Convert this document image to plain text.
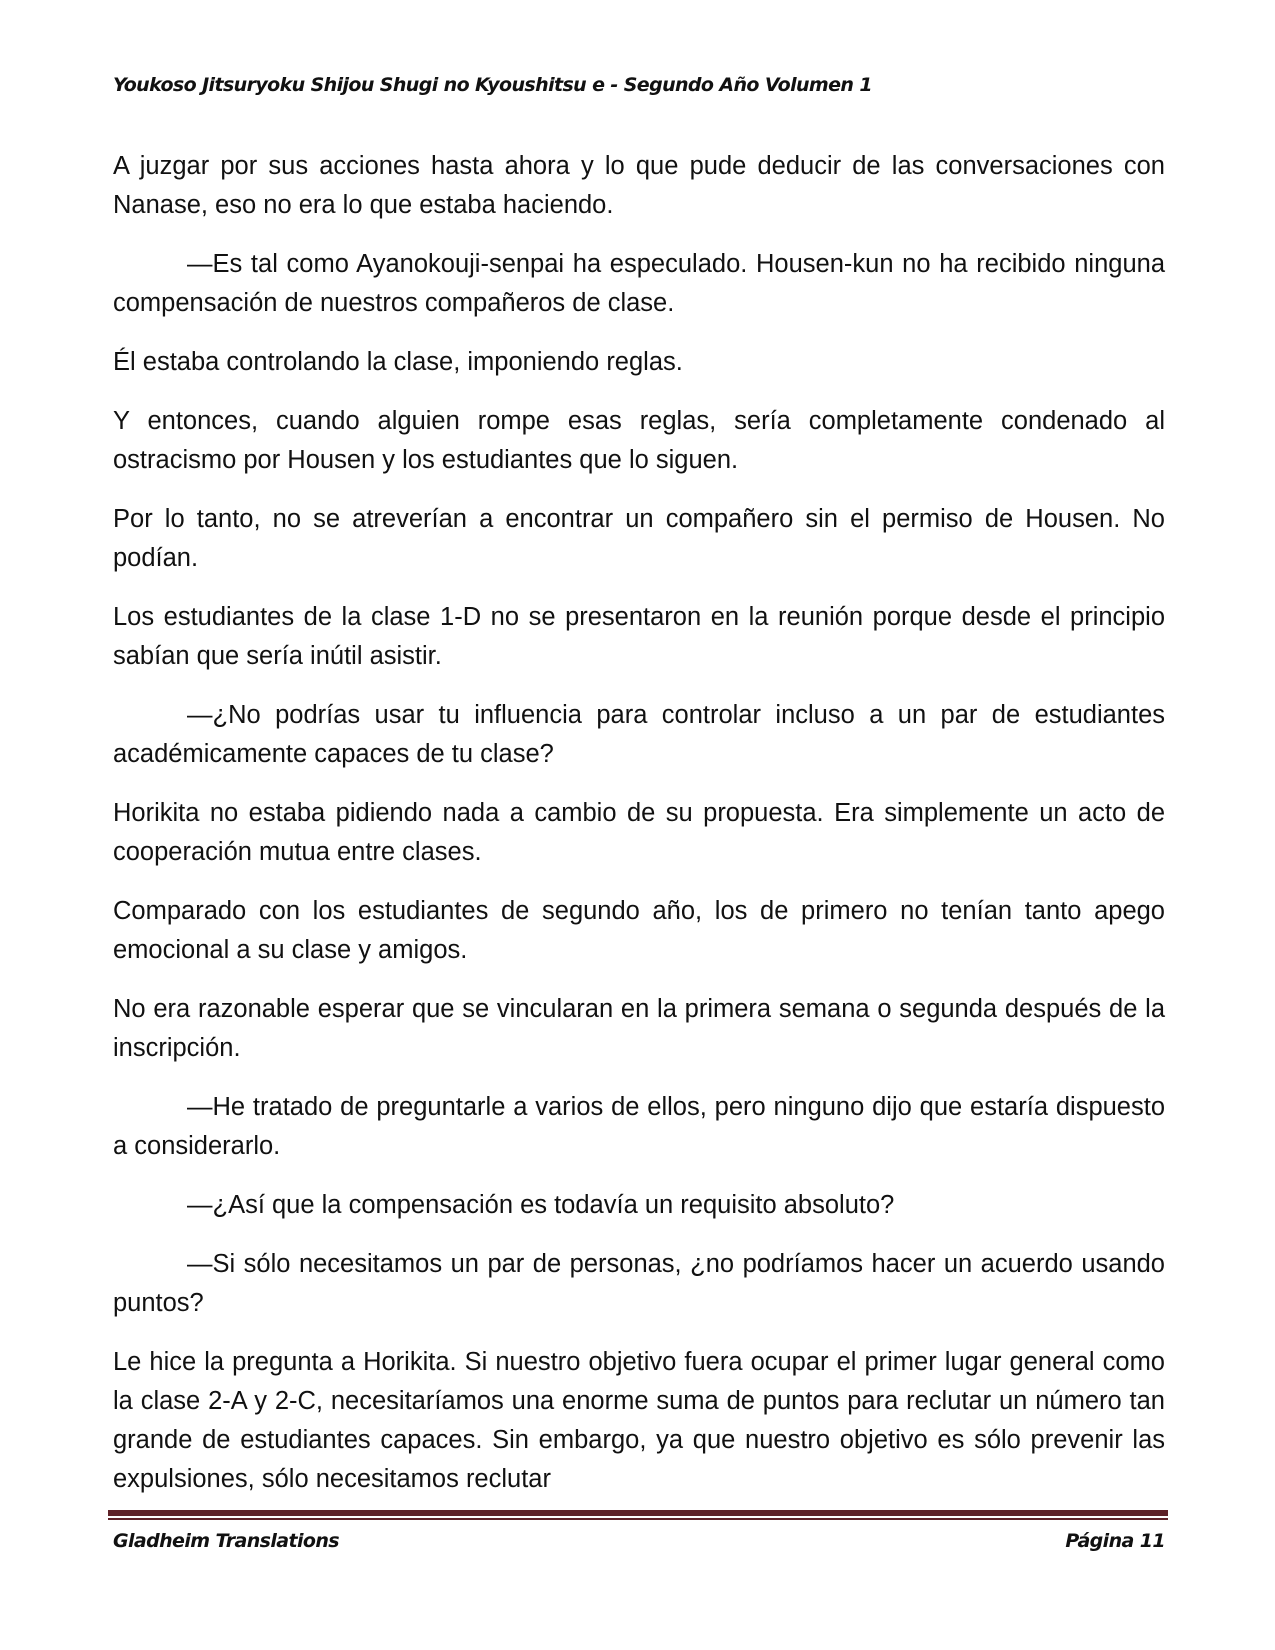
Youkoso Jitsuryoku Shijou Shugi no Kyoushitsu e - Segundo Año Volumen 1

A juzgar por sus acciones hasta ahora y lo que pude deducir de las conversaciones con Nanase, eso no era lo que estaba haciendo.

—Es tal como Ayanokouji-senpai ha especulado. Housen-kun no ha recibido ninguna compensación de nuestros compañeros de clase.

Él estaba controlando la clase, imponiendo reglas.

Y entonces, cuando alguien rompe esas reglas, sería completamente condenado al ostracismo por Housen y los estudiantes que lo siguen.

Por lo tanto, no se atreverían a encontrar un compañero sin el permiso de Housen. No podían.

Los estudiantes de la clase 1-D no se presentaron en la reunión porque desde el principio sabían que sería inútil asistir.

—¿No podrías usar tu influencia para controlar incluso a un par de estudiantes académicamente capaces de tu clase?

Horikita no estaba pidiendo nada a cambio de su propuesta. Era simplemente un acto de cooperación mutua entre clases.

Comparado con los estudiantes de segundo año, los de primero no tenían tanto apego emocional a su clase y amigos.

No era razonable esperar que se vincularan en la primera semana o segunda después de la inscripción.

—He tratado de preguntarle a varios de ellos, pero ninguno dijo que estaría dispuesto a considerarlo.

—¿Así que la compensación es todavía un requisito absoluto?

—Si sólo necesitamos un par de personas, ¿no podríamos hacer un acuerdo usando puntos?

Le hice la pregunta a Horikita. Si nuestro objetivo fuera ocupar el primer lugar general como la clase 2-A y 2-C, necesitaríamos una enorme suma de puntos para reclutar un número tan grande de estudiantes capaces. Sin embargo, ya que nuestro objetivo es sólo prevenir las expulsiones, sólo necesitamos reclutar

Gladheim Translations	Página 11
